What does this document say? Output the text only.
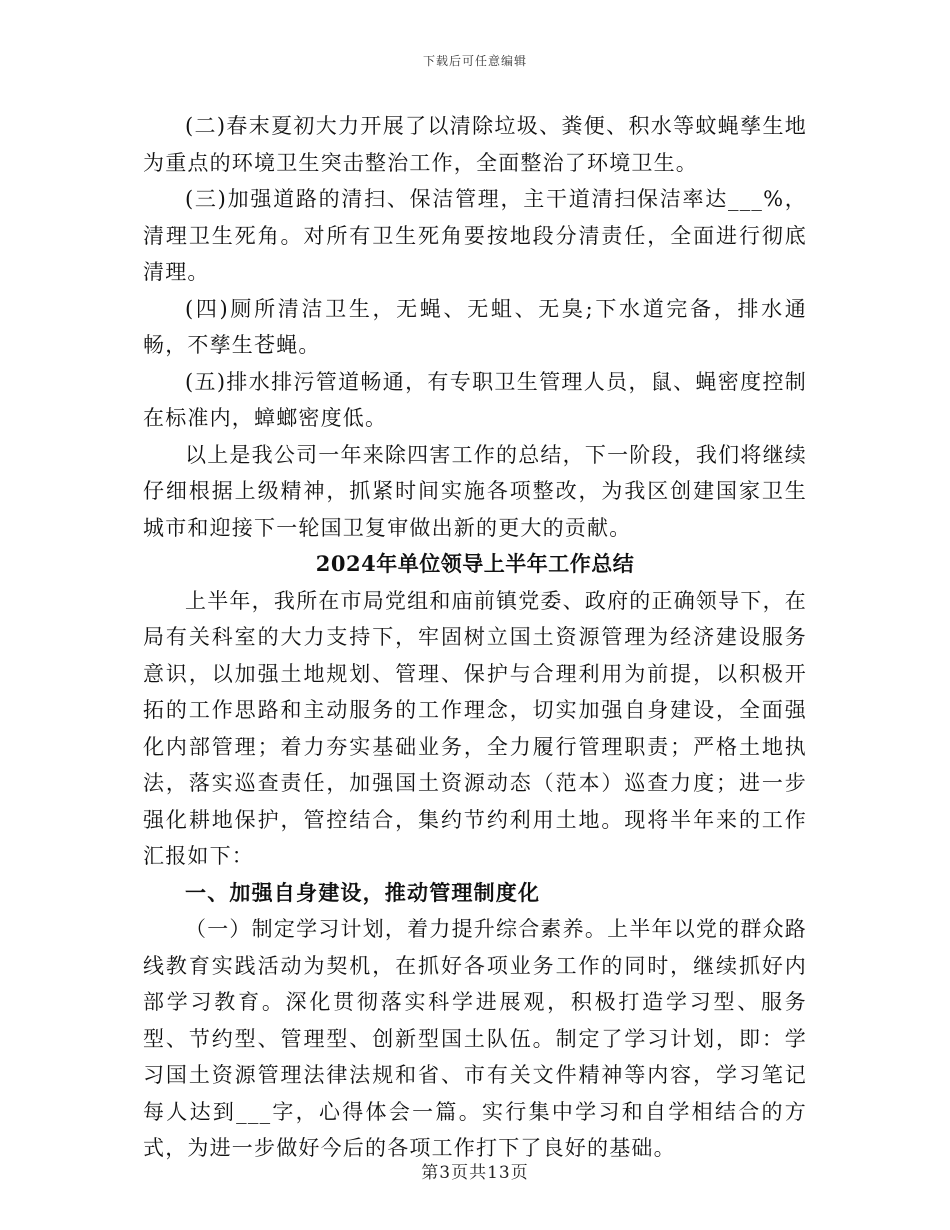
下载后可任意编辑

(二)春末夏初大力开展了以清除垃圾、粪便、积水等蚊蝇孳生地为重点的环境卫生突击整治工作，全面整治了环境卫生。

(三)加强道路的清扫、保洁管理，主干道清扫保洁率达___%，清理卫生死角。对所有卫生死角要按地段分清责任，全面进行彻底清理。

(四)厕所清洁卫生，无蝇、无蛆、无臭;下水道完备，排水通畅，不孳生苍蝇。

(五)排水排污管道畅通，有专职卫生管理人员，鼠、蝇密度控制在标准内，蟑螂密度低。

以上是我公司一年来除四害工作的总结，下一阶段，我们将继续仔细根据上级精神，抓紧时间实施各项整改，为我区创建国家卫生城市和迎接下一轮国卫复审做出新的更大的贡献。

2024年单位领导上半年工作总结

上半年，我所在市局党组和庙前镇党委、政府的正确领导下，在局有关科室的大力支持下，牢固树立国土资源管理为经济建设服务意识，以加强土地规划、管理、保护与合理利用为前提，以积极开拓的工作思路和主动服务的工作理念，切实加强自身建设，全面强化内部管理；着力夯实基础业务，全力履行管理职责；严格土地执法，落实巡查责任，加强国土资源动态（范本）巡查力度；进一步强化耕地保护，管控结合，集约节约利用土地。现将半年来的工作汇报如下：

一、加强自身建设，推动管理制度化

（一）制定学习计划，着力提升综合素养。上半年以党的群众路线教育实践活动为契机，在抓好各项业务工作的同时，继续抓好内部学习教育。深化贯彻落实科学进展观，积极打造学习型、服务型、节约型、管理型、创新型国土队伍。制定了学习计划，即：学习国土资源管理法律法规和省、市有关文件精神等内容，学习笔记每人达到___字，心得体会一篇。实行集中学习和自学相结合的方式，为进一步做好今后的各项工作打下了良好的基础。

第3页共13页
